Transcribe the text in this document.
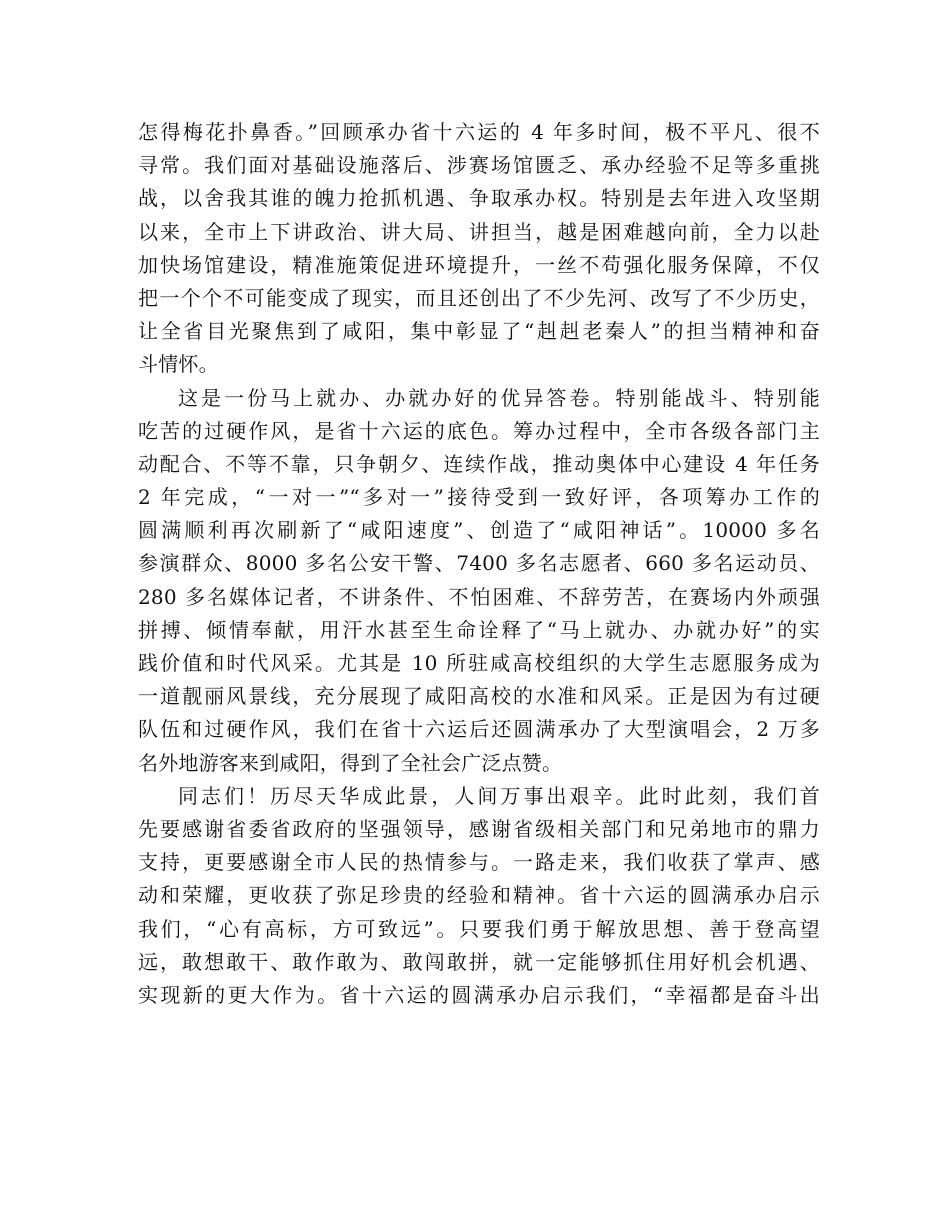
怎得梅花扑鼻香。”回顾承办省十六运的 4 年多时间，极不平凡、很不
寻常。我们面对基础设施落后、涉赛场馆匮乏、承办经验不足等多重挑
战，以舍我其谁的魄力抢抓机遇、争取承办权。特别是去年进入攻坚期
以来，全市上下讲政治、讲大局、讲担当，越是困难越向前，全力以赴
加快场馆建设，精准施策促进环境提升，一丝不苟强化服务保障，不仅
把一个个不可能变成了现实，而且还创出了不少先河、改写了不少历史，
让全省目光聚焦到了咸阳，集中彰显了“赳赳老秦人”的担当精神和奋
斗情怀。
这是一份马上就办、办就办好的优异答卷。特别能战斗、特别能
吃苦的过硬作风，是省十六运的底色。筹办过程中，全市各级各部门主
动配合、不等不靠，只争朝夕、连续作战，推动奥体中心建设 4 年任务
2 年完成，“一对一”“多对一”接待受到一致好评，各项筹办工作的
圆满顺利再次刷新了“咸阳速度”、创造了“咸阳神话”。10000 多名
参演群众、8000 多名公安干警、7400 多名志愿者、660 多名运动员、
280 多名媒体记者，不讲条件、不怕困难、不辞劳苦，在赛场内外顽强
拼搏、倾情奉献，用汗水甚至生命诠释了“马上就办、办就办好”的实
践价值和时代风采。尤其是 10 所驻咸高校组织的大学生志愿服务成为
一道靓丽风景线，充分展现了咸阳高校的水准和风采。正是因为有过硬
队伍和过硬作风，我们在省十六运后还圆满承办了大型演唱会，2 万多
名外地游客来到咸阳，得到了全社会广泛点赞。
同志们！历尽天华成此景，人间万事出艰辛。此时此刻，我们首
先要感谢省委省政府的坚强领导，感谢省级相关部门和兄弟地市的鼎力
支持，更要感谢全市人民的热情参与。一路走来，我们收获了掌声、感
动和荣耀，更收获了弥足珍贵的经验和精神。省十六运的圆满承办启示
我们，“心有高标，方可致远”。只要我们勇于解放思想、善于登高望
远，敢想敢干、敢作敢为、敢闯敢拼，就一定能够抓住用好机会机遇、
实现新的更大作为。省十六运的圆满承办启示我们，“幸福都是奋斗出
